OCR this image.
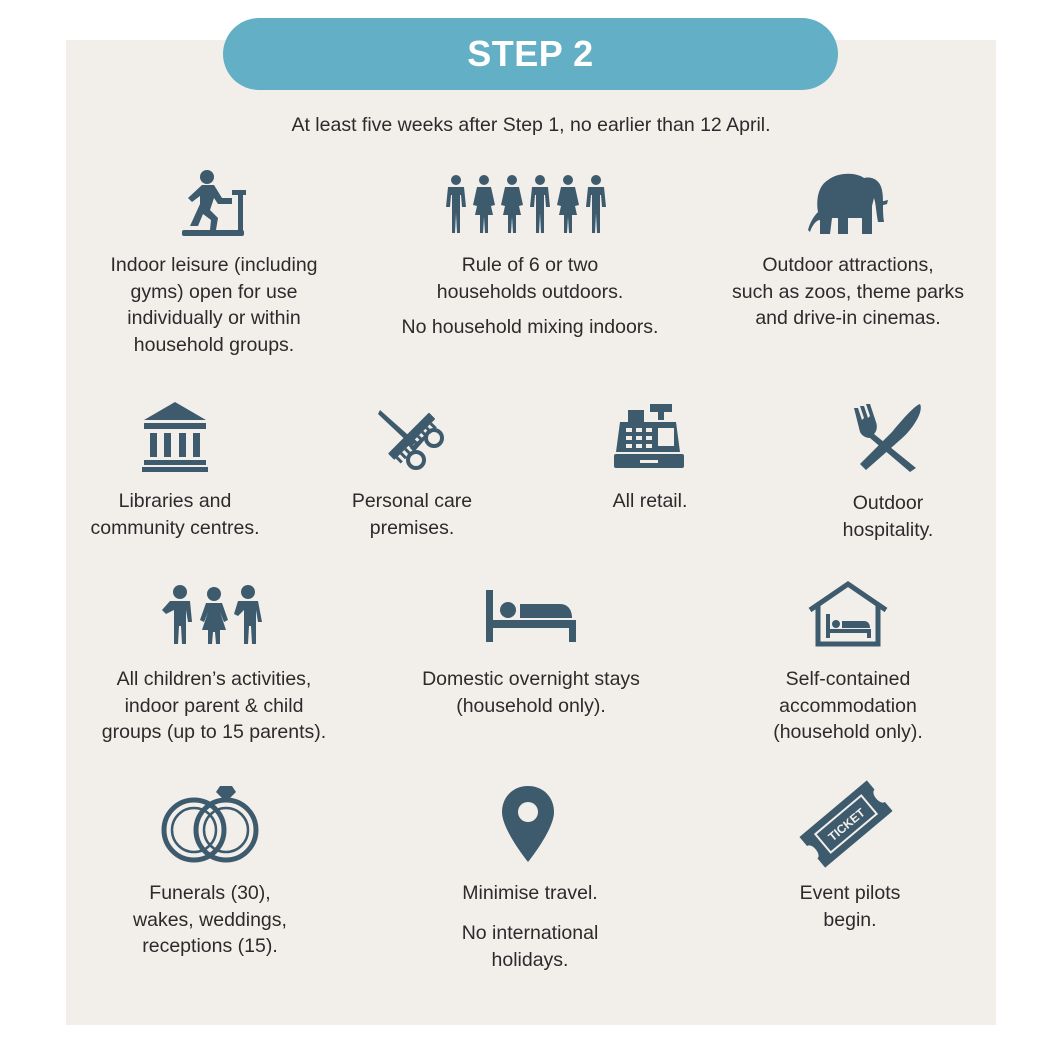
STEP 2
At least five weeks after Step 1, no earlier than 12 April.
Indoor leisure (including
gyms) open for use
individually or within
household groups.
Rule of 6 or two
households outdoors.
No household mixing indoors.
Outdoor attractions,
such as zoos, theme parks
and drive-in cinemas.
Libraries and
community centres.
Personal care
premises.
All retail.	Outdoor
hospitality.
All children’s activities,
indoor parent & child
groups (up to 15 parents).
Domestic overnight stays
(household only).
Self-contained
accommodation
(household only).
Funerals (30),
wakes, weddings,
receptions (15).
Minimise travel.
No international
holidays.
TICKET
Event pilots
begin.
